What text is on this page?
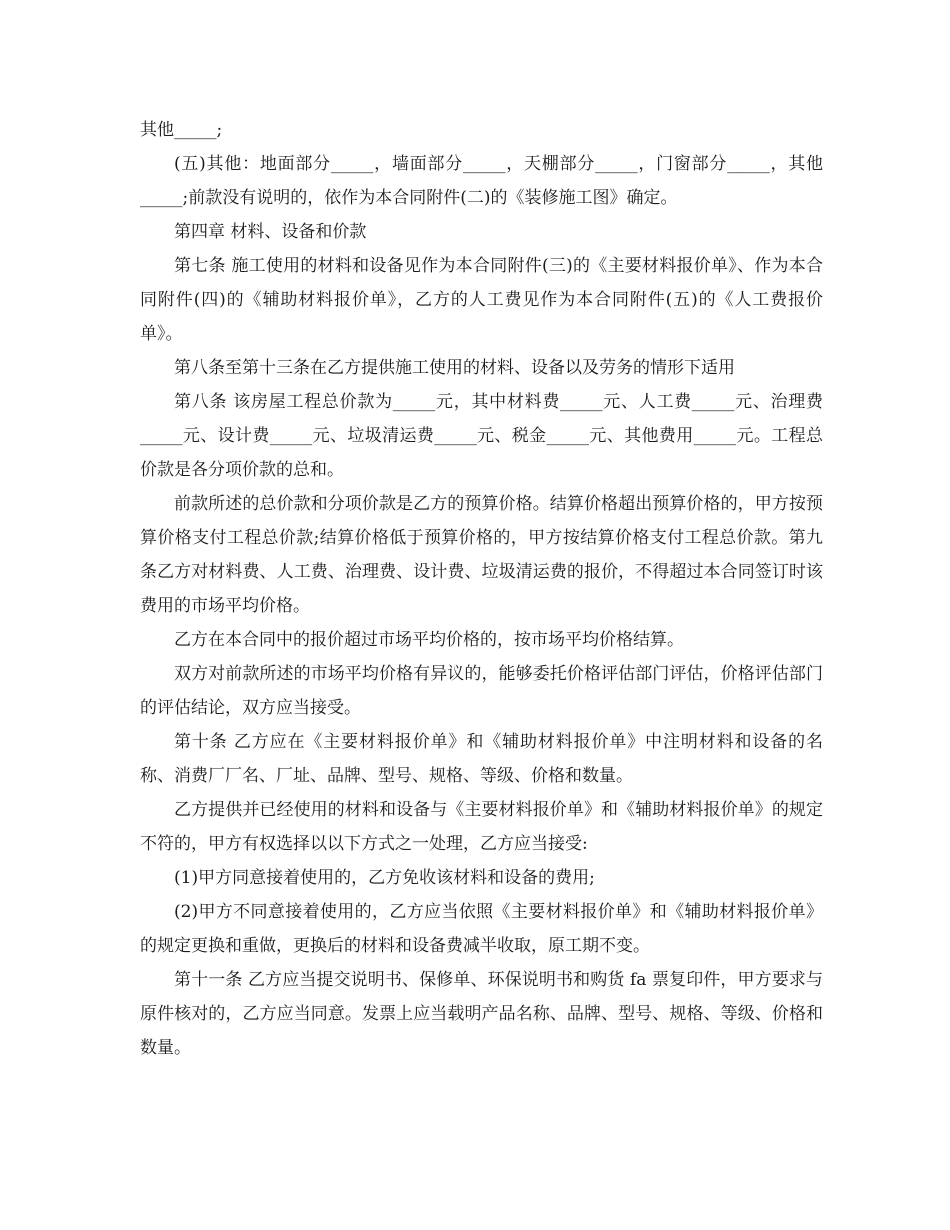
其他_____;

(五)其他：地面部分_____，墙面部分_____，天棚部分_____，门窗部分_____，其他_____;前款没有说明的，依作为本合同附件(二)的《装修施工图》确定。

第四章 材料、设备和价款

第七条 施工使用的材料和设备见作为本合同附件(三)的《主要材料报价单》、作为本合同附件(四)的《辅助材料报价单》，乙方的人工费见作为本合同附件(五)的《人工费报价单》。

第八条至第十三条在乙方提供施工使用的材料、设备以及劳务的情形下适用

第八条 该房屋工程总价款为_____元，其中材料费_____元、人工费_____元、治理费_____元、设计费_____元、垃圾清运费_____元、税金_____元、其他费用_____元。工程总价款是各分项价款的总和。

前款所述的总价款和分项价款是乙方的预算价格。结算价格超出预算价格的，甲方按预算价格支付工程总价款;结算价格低于预算价格的，甲方按结算价格支付工程总价款。第九条乙方对材料费、人工费、治理费、设计费、垃圾清运费的报价，不得超过本合同签订时该费用的市场平均价格。

乙方在本合同中的报价超过市场平均价格的，按市场平均价格结算。

双方对前款所述的市场平均价格有异议的，能够委托价格评估部门评估，价格评估部门的评估结论，双方应当接受。

第十条 乙方应在《主要材料报价单》和《辅助材料报价单》中注明材料和设备的名称、消费厂厂名、厂址、品牌、型号、规格、等级、价格和数量。

乙方提供并已经使用的材料和设备与《主要材料报价单》和《辅助材料报价单》的规定不符的，甲方有权选择以以下方式之一处理，乙方应当接受:

(1)甲方同意接着使用的，乙方免收该材料和设备的费用;

(2)甲方不同意接着使用的，乙方应当依照《主要材料报价单》和《辅助材料报价单》的规定更换和重做，更换后的材料和设备费减半收取，原工期不变。

第十一条 乙方应当提交说明书、保修单、环保说明书和购货 fa 票复印件，甲方要求与原件核对的，乙方应当同意。发票上应当载明产品名称、品牌、型号、规格、等级、价格和数量。
